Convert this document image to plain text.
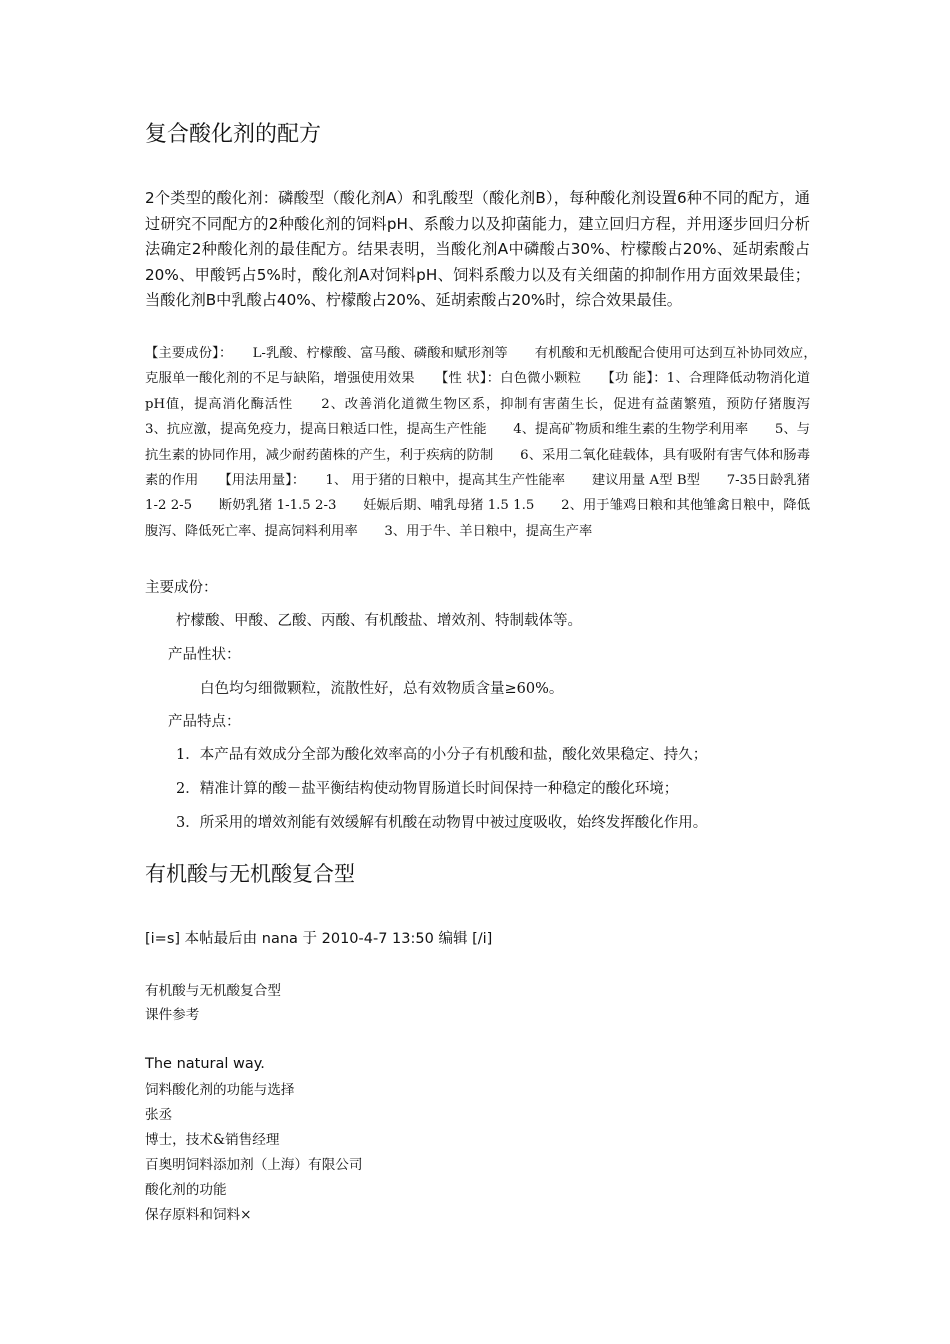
复合酸化剂的配方
2个类型的酸化剂：磷酸型（酸化剂A）和乳酸型（酸化剂B），每种酸化剂设置6种不同的配方，通过研究不同配方的2种酸化剂的饲料pH、系酸力以及抑菌能力，建立回归方程，并用逐步回归分析法确定2种酸化剂的最佳配方。结果表明，当酸化剂A中磷酸占30%、柠檬酸占20%、延胡索酸占20%、甲酸钙占5%时，酸化剂A对饲料pH、饲料系酸力以及有关细菌的抑制作用方面效果最佳；当酸化剂B中乳酸占40%、柠檬酸占20%、延胡索酸占20%时，综合效果最佳。
【主要成份】：　　L-乳酸、柠檬酸、富马酸、磷酸和赋形剂等　　有机酸和无机酸配合使用可达到互补协同效应，　　克服单一酸化剂的不足与缺陷，增强使用效果　　【性 状】：白色微小颗粒　　【功 能】：1、合理降低动物消化道pH值，提高消化酶活性　　2、改善消化道微生物区系，抑制有害菌生长，促进有益菌繁殖，预防仔猪腹泻　　3、抗应激，提高免疫力，提高日粮适口性，提高生产性能　　4、提高矿物质和维生素的生物学利用率　　5、与抗生素的协同作用，减少耐药菌株的产生，利于疾病的防制　　6、采用二氧化硅载体，具有吸附有害气体和肠毒素的作用　　【用法用量】：　　1、 用于猪的日粮中，提高其生产性能率　　建议用量 A型 B型　　7-35日龄乳猪 1-2 2-5　　断奶乳猪 1-1.5 2-3　　妊娠后期、哺乳母猪 1.5 1.5　　2、用于雏鸡日粮和其他雏禽日粮中，降低腹泻、降低死亡率、提高饲料利用率　　3、用于牛、羊日粮中，提高生产率
主要成份：
柠檬酸、甲酸、乙酸、丙酸、有机酸盐、增效剂、特制载体等。
产品性状：
白色均匀细微颗粒，流散性好，总有效物质含量≥60%。
产品特点：
1．本产品有效成分全部为酸化效率高的小分子有机酸和盐，酸化效果稳定、持久；
2．精准计算的酸－盐平衡结构使动物胃肠道长时间保持一种稳定的酸化环境；
3．所采用的增效剂能有效缓解有机酸在动物胃中被过度吸收，始终发挥酸化作用。
有机酸与无机酸复合型
[i=s] 本帖最后由 nana 于 2010-4-7 13:50 编辑 [/i]
有机酸与无机酸复合型
课件参考
The natural way.
饲料酸化剂的功能与选择
张丞
博士，技术&销售经理
百奥明饲料添加剂（上海）有限公司
酸化剂的功能
保存原料和饲料×
